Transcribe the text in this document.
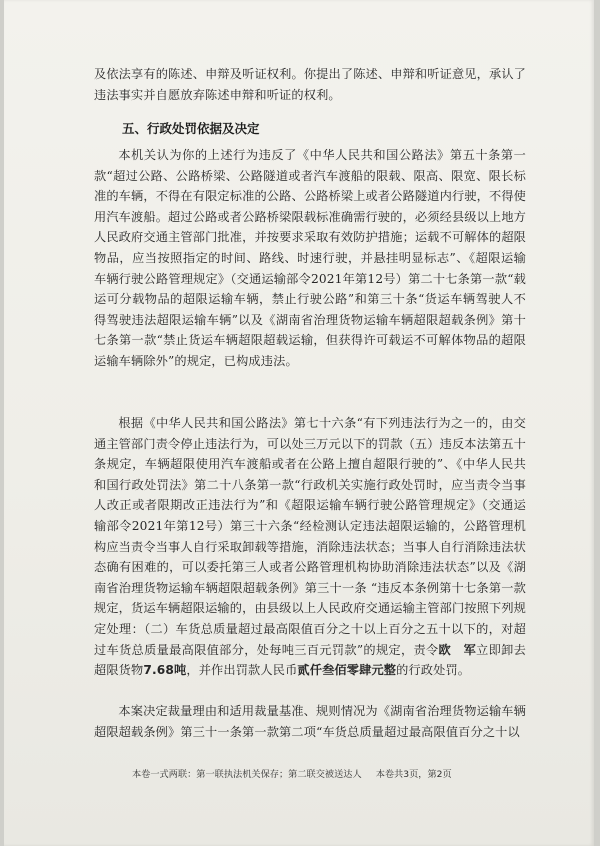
及依法享有的陈述、申辩及听证权利。你提出了陈述、申辩和听证意见，承认了违法事实并自愿放弃陈述申辩和听证的权利。
五、行政处罚依据及决定
本机关认为你的上述行为违反了《中华人民共和国公路法》第五十条第一款“超过公路、公路桥梁、公路隧道或者汽车渡船的限载、限高、限宽、限长标准的车辆，不得在有限定标准的公路、公路桥梁上或者公路隧道内行驶，不得使用汽车渡船。超过公路或者公路桥梁限载标准确需行驶的，必须经县级以上地方人民政府交通主管部门批准，并按要求采取有效防护措施；运载不可解体的超限物品，应当按照指定的时间、路线、时速行驶，并悬挂明显标志”、《超限运输车辆行驶公路管理规定》（交通运输部令2021年第12号）第二十七条第一款“载运可分载物品的超限运输车辆，禁止行驶公路”和第三十条“货运车辆驾驶人不得驾驶违法超限运输车辆”以及《湖南省治理货物运输车辆超限超载条例》第十七条第一款“禁止货运车辆超限超载运输，但获得许可载运不可解体物品的超限运输车辆除外”的规定，已构成违法。
根据《中华人民共和国公路法》第七十六条“有下列违法行为之一的，由交通主管部门责令停止违法行为，可以处三万元以下的罚款（五）违反本法第五十条规定，车辆超限使用汽车渡船或者在公路上擅自超限行驶的”、《中华人民共和国行政处罚法》第二十八条第一款“行政机关实施行政处罚时，应当责令当事人改正或者限期改正违法行为”和《超限运输车辆行驶公路管理规定》（交通运输部令2021年第12号）第三十六条“经检测认定违法超限运输的，公路管理机构应当责令当事人自行采取卸载等措施，消除违法状态；当事人自行消除违法状态确有困难的，可以委托第三人或者公路管理机构协助消除违法状态”以及《湖南省治理货物运输车辆超限超载条例》第三十一条 “违反本条例第十七条第一款规定，货运车辆超限运输的，由县级以上人民政府交通运输主管部门按照下列规定处理：（二）车货总质量超过最高限值百分之十以上百分之五十以下的，对超过车货总质量最高限值部分，处每吨三百元罚款”的规定，责令欧　军立即卸去超限货物7.68吨，并作出罚款人民币贰仟叁佰零肆元整的行政处罚。
本案决定裁量理由和适用裁量基准、规则情况为《湖南省治理货物运输车辆超限超载条例》第三十一条第一款第二项“车货总质量超过最高限值百分之十以
本卷一式两联：第一联执法机关保存；第二联交被送达人 本卷共3页，第2页
